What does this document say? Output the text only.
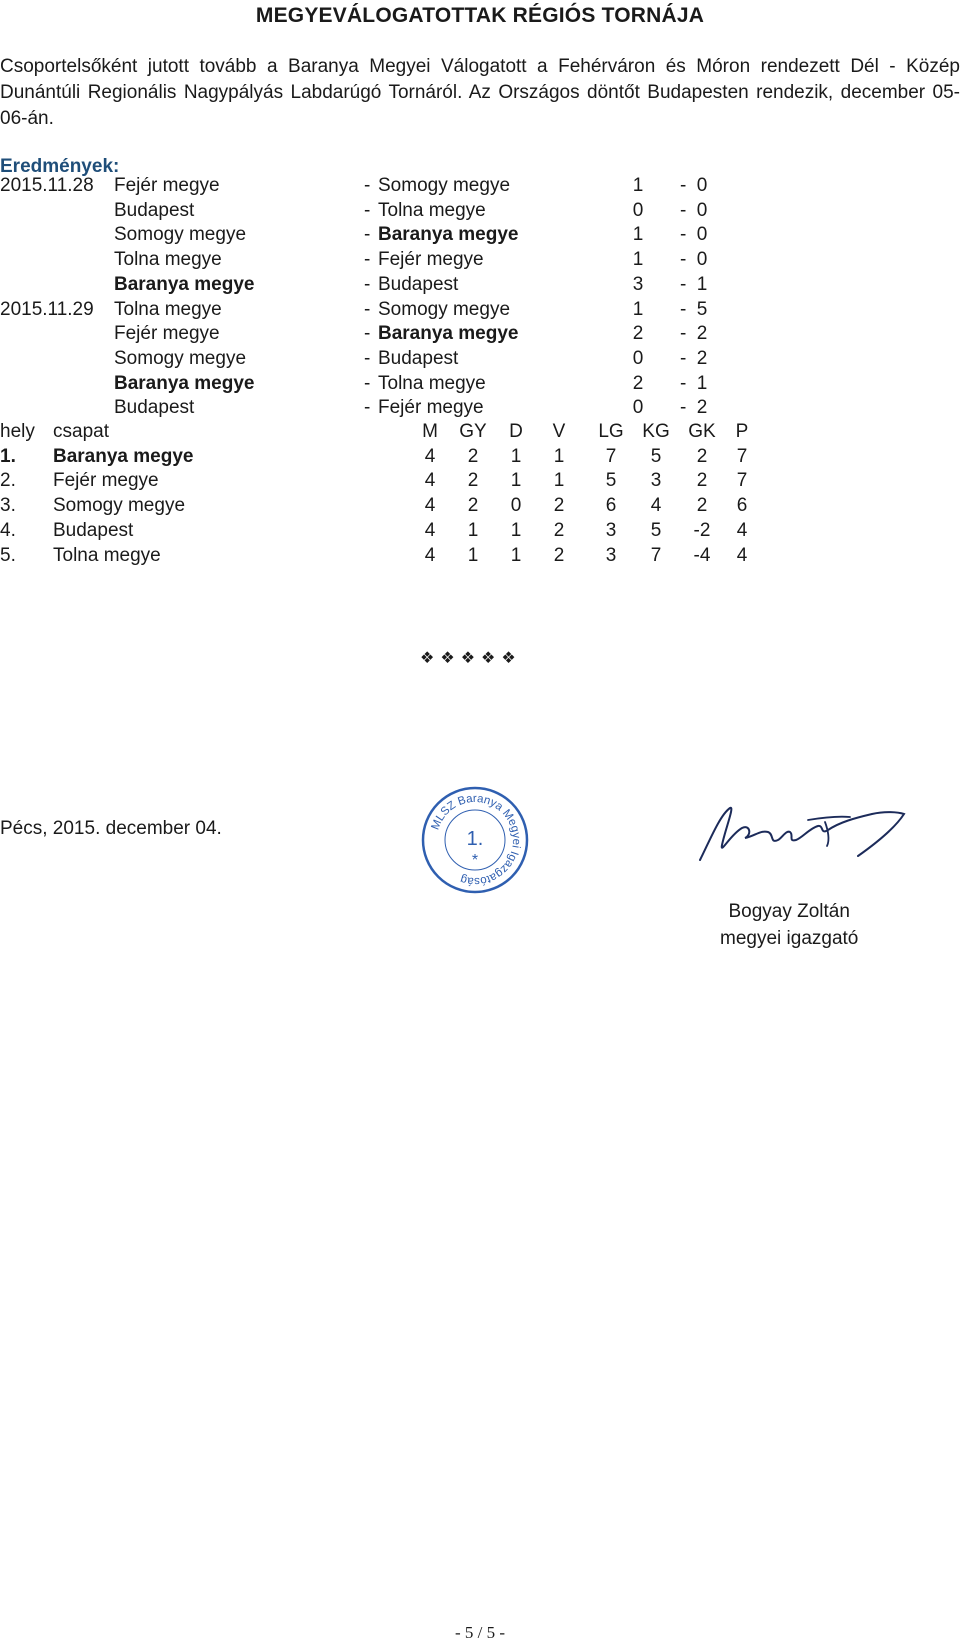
MEGYEVÁLOGATOTTAK RÉGIÓS TORNÁJA
Csoportelsőként jutott tovább a Baranya Megyei Válogatott a Fehérváron és Móron rendezett Dél - Közép Dunántúli Regionális Nagypályás Labdarúgó Tornáról. Az Országos döntőt Budapesten rendezik, december 05-06-án.
Eredmények:
2015.11.28 Fejér megye	- Somogy megye	1 - 0
Budapest	- Tolna megye	0 - 0
Somogy megye	- Baranya megye	1 - 0
Tolna megye	- Fejér megye	1 - 0
Baranya megye	- Budapest	3 - 1
2015.11.29 Tolna megye	- Somogy megye	1 - 5
Fejér megye	- Baranya megye	2 - 2
Somogy megye	- Budapest	0 - 2
Baranya megye	- Tolna megye	2 - 1
Budapest	- Fejér megye	0 - 2
hely csapat	M GY D V LG KG GK P
1. Baranya megye	4	2	1	1	7	5	2	7
2. Fejér megye	4	2	1	1	5	3	2	7
3. Somogy megye	4	2	0	2	6	4	2	6
4. Budapest	4	1	1	2	3	5	-2 4
5. Tolna megye	4	1	1	2	3	7	-4 4
❖❖❖❖❖
Pécs, 2015. december 04.	MLSZ Baranya Megyei Igazgatóság
1.
*
Bogyay Zoltán
megyei igazgató
- 5 / 5 -
